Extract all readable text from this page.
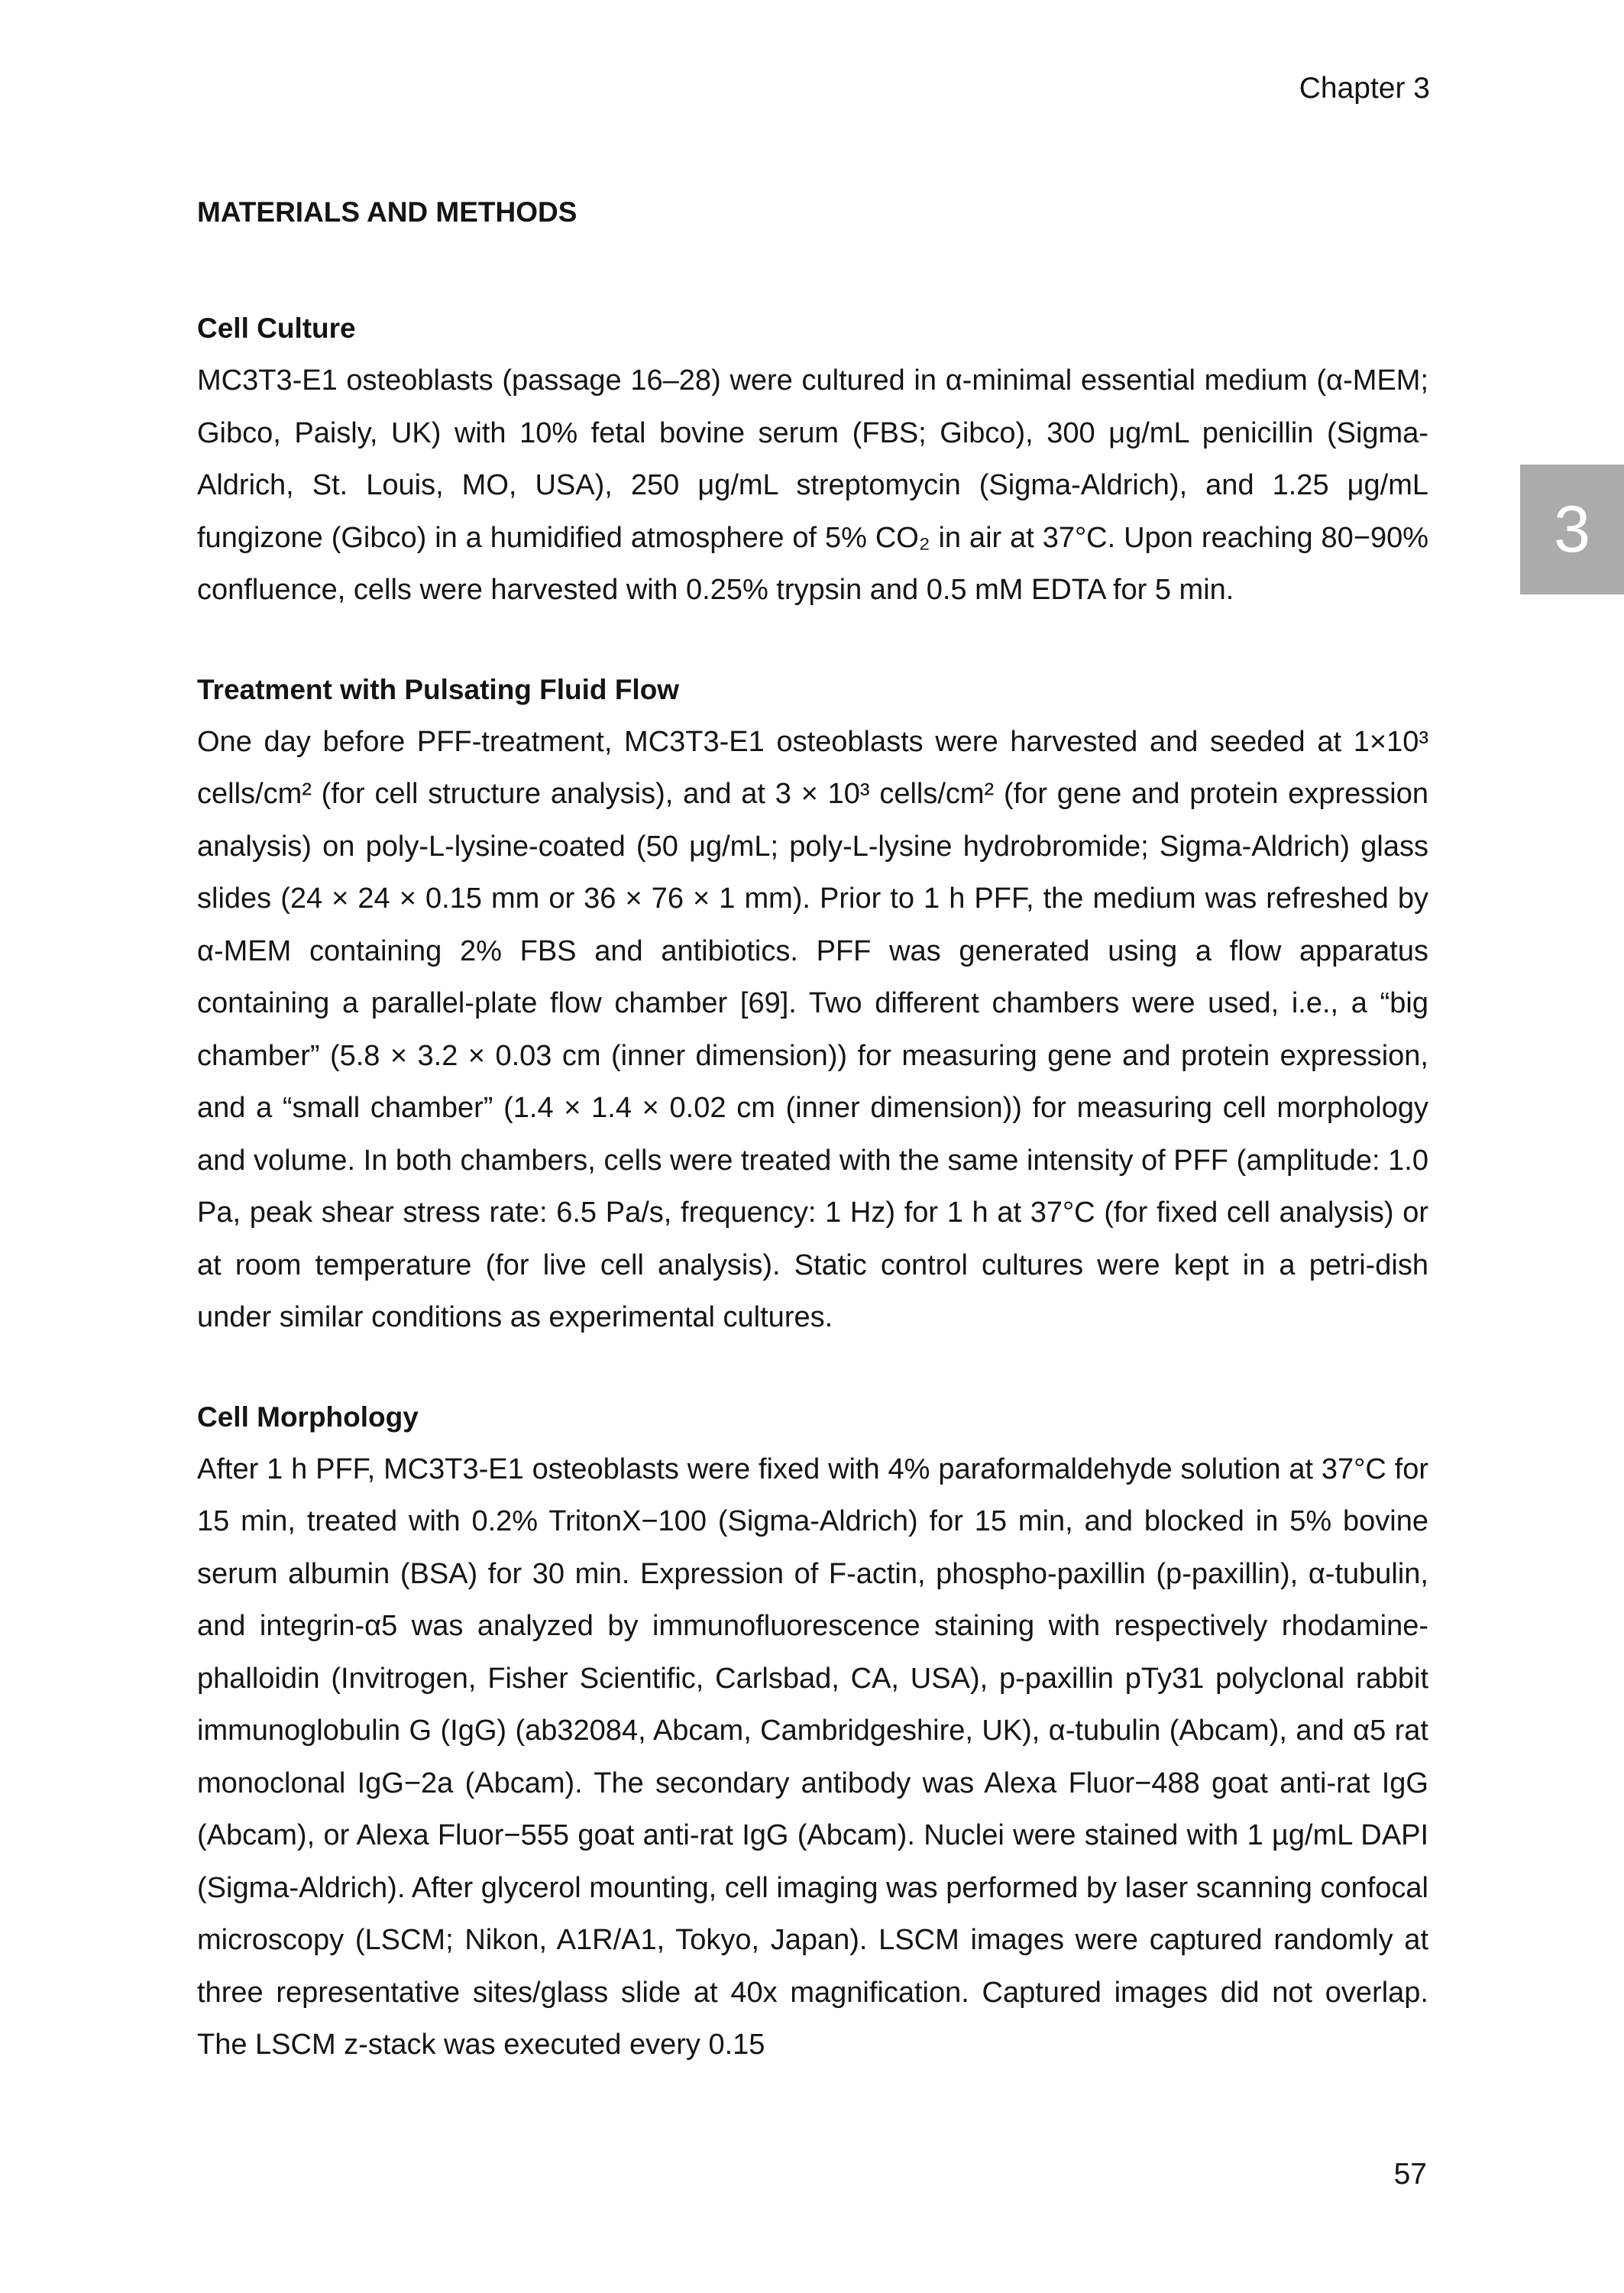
Chapter 3
3
MATERIALS AND METHODS
Cell Culture

MC3T3-E1 osteoblasts (passage 16–28) were cultured in α-minimal essential medium (α-MEM; Gibco, Paisly, UK) with 10% fetal bovine serum (FBS; Gibco), 300 μg/mL penicillin (Sigma-Aldrich, St. Louis, MO, USA), 250 μg/mL streptomycin (Sigma-Aldrich), and 1.25 μg/mL fungizone (Gibco) in a humidified atmosphere of 5% CO₂ in air at 37°C. Upon reaching 80−90% confluence, cells were harvested with 0.25% trypsin and 0.5 mM EDTA for 5 min.

Treatment with Pulsating Fluid Flow

One day before PFF-treatment, MC3T3-E1 osteoblasts were harvested and seeded at 1×10³ cells/cm² (for cell structure analysis), and at 3 × 10³ cells/cm² (for gene and protein expression analysis) on poly-L-lysine-coated (50 μg/mL; poly-L-lysine hydrobromide; Sigma-Aldrich) glass slides (24 × 24 × 0.15 mm or 36 × 76 × 1 mm). Prior to 1 h PFF, the medium was refreshed by α-MEM containing 2% FBS and antibiotics. PFF was generated using a flow apparatus containing a parallel-plate flow chamber [69]. Two different chambers were used, i.e., a “big chamber” (5.8 × 3.2 × 0.03 cm (inner dimension)) for measuring gene and protein expression, and a “small chamber” (1.4 × 1.4 × 0.02 cm (inner dimension)) for measuring cell morphology and volume. In both chambers, cells were treated with the same intensity of PFF (amplitude: 1.0 Pa, peak shear stress rate: 6.5 Pa/s, frequency: 1 Hz) for 1 h at 37°C (for fixed cell analysis) or at room temperature (for live cell analysis). Static control cultures were kept in a petri-dish under similar conditions as experimental cultures.

Cell Morphology

After 1 h PFF, MC3T3-E1 osteoblasts were fixed with 4% paraformaldehyde solution at 37°C for 15 min, treated with 0.2% TritonX−100 (Sigma-Aldrich) for 15 min, and blocked in 5% bovine serum albumin (BSA) for 30 min. Expression of F-actin, phospho-paxillin (p-paxillin), α-tubulin, and integrin-α5 was analyzed by immunofluorescence staining with respectively rhodamine-phalloidin (Invitrogen, Fisher Scientific, Carlsbad, CA, USA), p-paxillin pTy31 polyclonal rabbit immunoglobulin G (IgG) (ab32084, Abcam, Cambridgeshire, UK), α-tubulin (Abcam), and α5 rat monoclonal IgG−2a (Abcam). The secondary antibody was Alexa Fluor−488 goat anti-rat IgG (Abcam), or Alexa Fluor−555 goat anti-rat IgG (Abcam). Nuclei were stained with 1 µg/mL DAPI (Sigma-Aldrich). After glycerol mounting, cell imaging was performed by laser scanning confocal microscopy (LSCM; Nikon, A1R/A1, Tokyo, Japan). LSCM images were captured randomly at three representative sites/glass slide at 40x magnification. Captured images did not overlap. The LSCM z-stack was executed every 0.15

57
